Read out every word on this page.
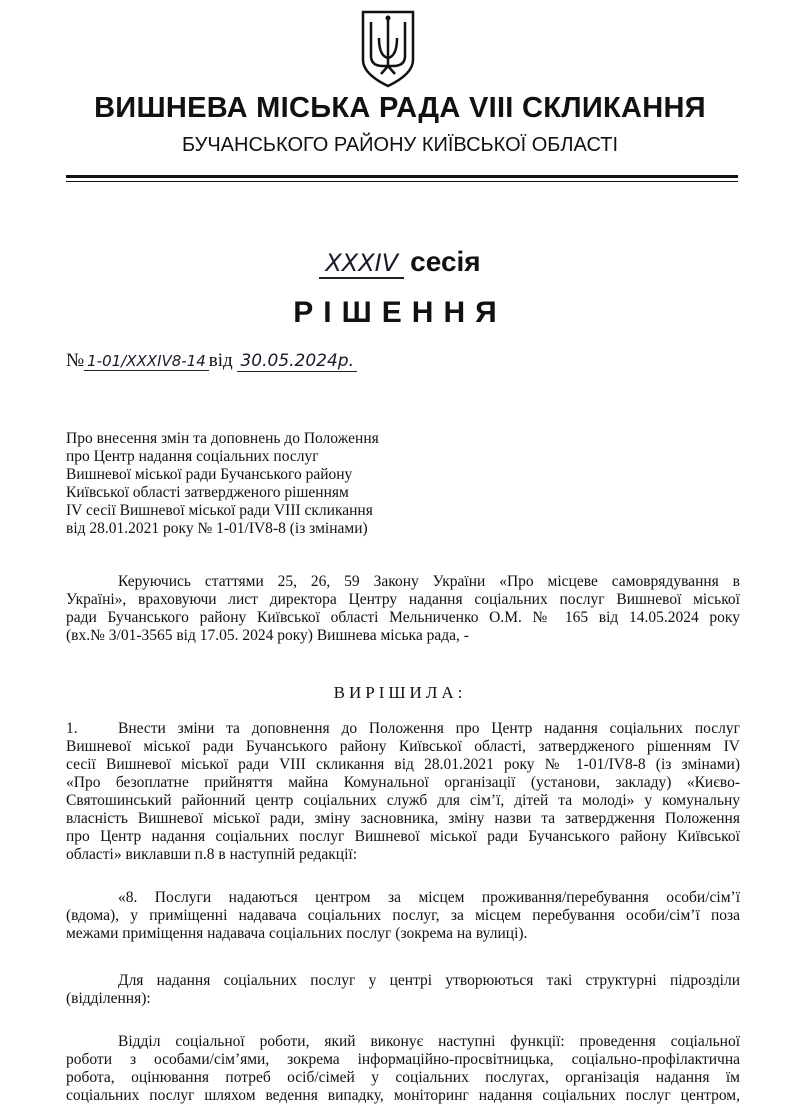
ВИШНЕВА МІСЬКА РАДА VIII СКЛИКАННЯ
БУЧАНСЬКОГО РАЙОНУ КИЇВСЬКОЇ ОБЛАСТІ
XXXIV сесія
РІШЕННЯ
№ 1-01/XXXIV8-14 від 30.05.2024р.
Про внесення змін та доповнень до Положення
про Центр надання соціальних послуг
Вишневої міської ради Бучанського району
Київської області затвердженого рішенням
IV сесії Вишневої міської ради VIII скликання
від 28.01.2021 року № 1-01/IV8-8 (із змінами)
Керуючись статтями 25, 26, 59 Закону України «Про місцеве самоврядування в
Україні», враховуючи лист директора Центру надання соціальних послуг Вишневої міської
ради Бучанського району Київської області Мельниченко О.М. № 165 від 14.05.2024 року
(вх.№ 3/01-3565 від 17.05. 2024 року) Вишнева міська рада, -
ВИРІШИЛА:
1.	Внести зміни та доповнення до Положення про Центр надання соціальних послуг
Вишневої міської ради Бучанського району Київської області, затвердженого рішенням IV
сесії Вишневої міської ради VIII скликання від 28.01.2021 року № 1-01/IV8-8 (із змінами)
«Про безоплатне прийняття майна Комунальної організації (установи, закладу) «Києво-
Святошинський районний центр соціальних служб для сім’ї, дітей та молоді» у комунальну
власність Вишневої міської ради, зміну засновника, зміну назви та затвердження Положення
про Центр надання соціальних послуг Вишневої міської ради Бучанського району Київської
області» виклавши п.8 в наступній редакції:
«8. Послуги надаються центром за місцем проживання/перебування особи/сім’ї
(вдома), у приміщенні надавача соціальних послуг, за місцем перебування особи/сім’ї поза
межами приміщення надавача соціальних послуг (зокрема на вулиці).
Для надання соціальних послуг у центрі утворюються такі структурні підрозділи
(відділення):
Відділ соціальної роботи, який виконує наступні функції: проведення соціальної
роботи з особами/сім’ями, зокрема інформаційно-просвітницька, соціально-профілактична
робота, оцінювання потреб осіб/сімей у соціальних послугах, організація надання їм
соціальних послуг шляхом ведення випадку, моніторинг надання соціальних послуг центром,
